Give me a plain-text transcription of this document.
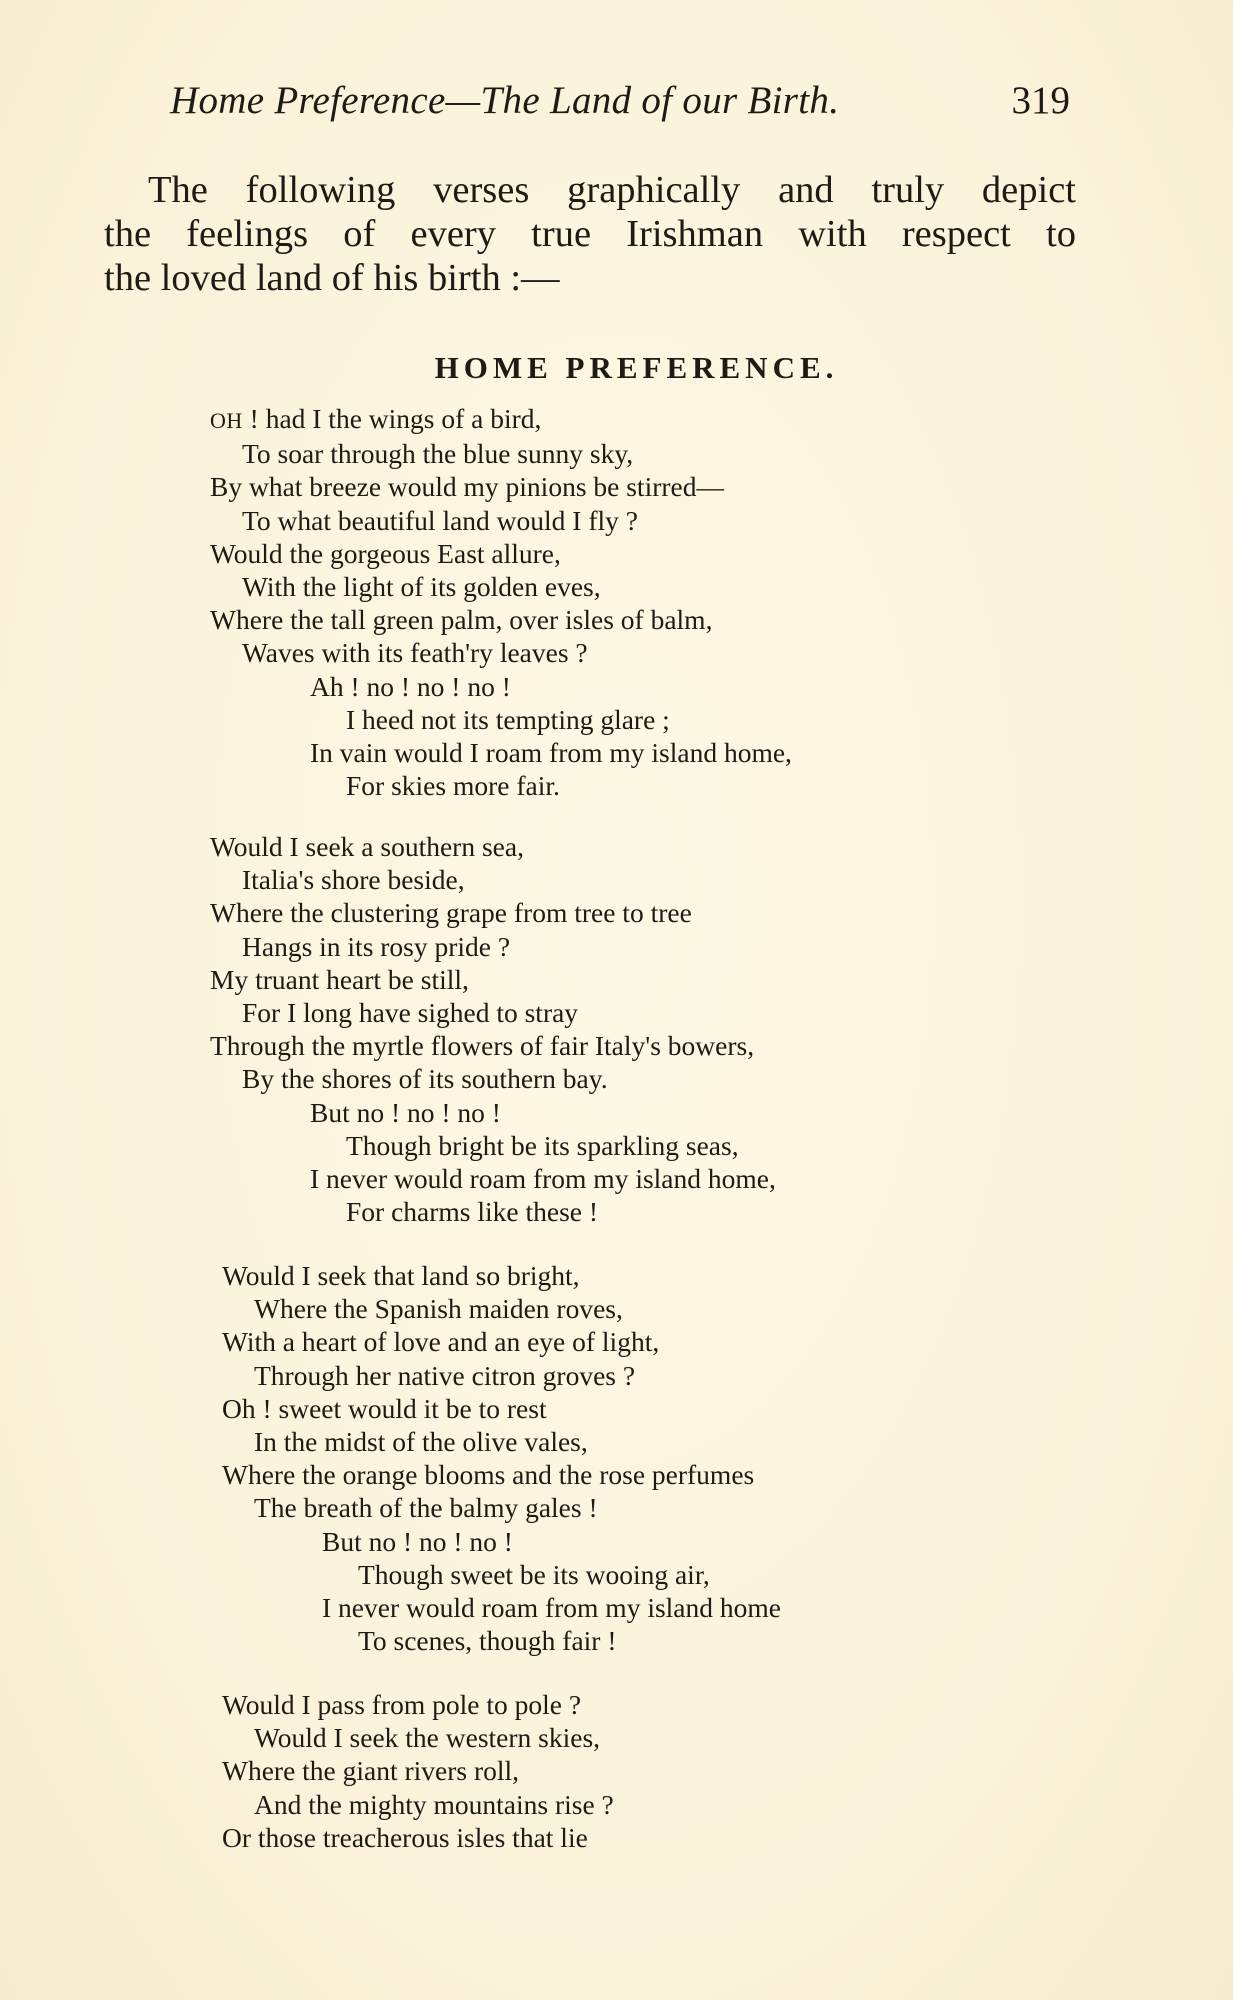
Home Preference—The Land of our Birth.	319

The following verses graphically and truly depict
the feelings of every true Irishman with respect to
the loved land of his birth :—

HOME PREFERENCE.
OH ! had I the wings of a bird,
To soar through the blue sunny sky,
By what breeze would my pinions be stirred—
To what beautiful land would I fly ?
Would the gorgeous East allure,
With the light of its golden eves,
Where the tall green palm, over isles of balm,
Waves with its feath'ry leaves ?
Ah ! no ! no ! no !
I heed not its tempting glare ;
In vain would I roam from my island home,
For skies more fair.
Would I seek a southern sea,
Italia's shore beside,
Where the clustering grape from tree to tree
Hangs in its rosy pride ?
My truant heart be still,
For I long have sighed to stray
Through the myrtle flowers of fair Italy's bowers,
By the shores of its southern bay.
But no ! no ! no !
Though bright be its sparkling seas,
I never would roam from my island home,
For charms like these !
Would I seek that land so bright,
Where the Spanish maiden roves,
With a heart of love and an eye of light,
Through her native citron groves ?
Oh ! sweet would it be to rest
In the midst of the olive vales,
Where the orange blooms and the rose perfumes
The breath of the balmy gales !
But no ! no ! no !
Though sweet be its wooing air,
I never would roam from my island home
To scenes, though fair !
Would I pass from pole to pole ?
Would I seek the western skies,
Where the giant rivers roll,
And the mighty mountains rise ?
Or those treacherous isles that lie
